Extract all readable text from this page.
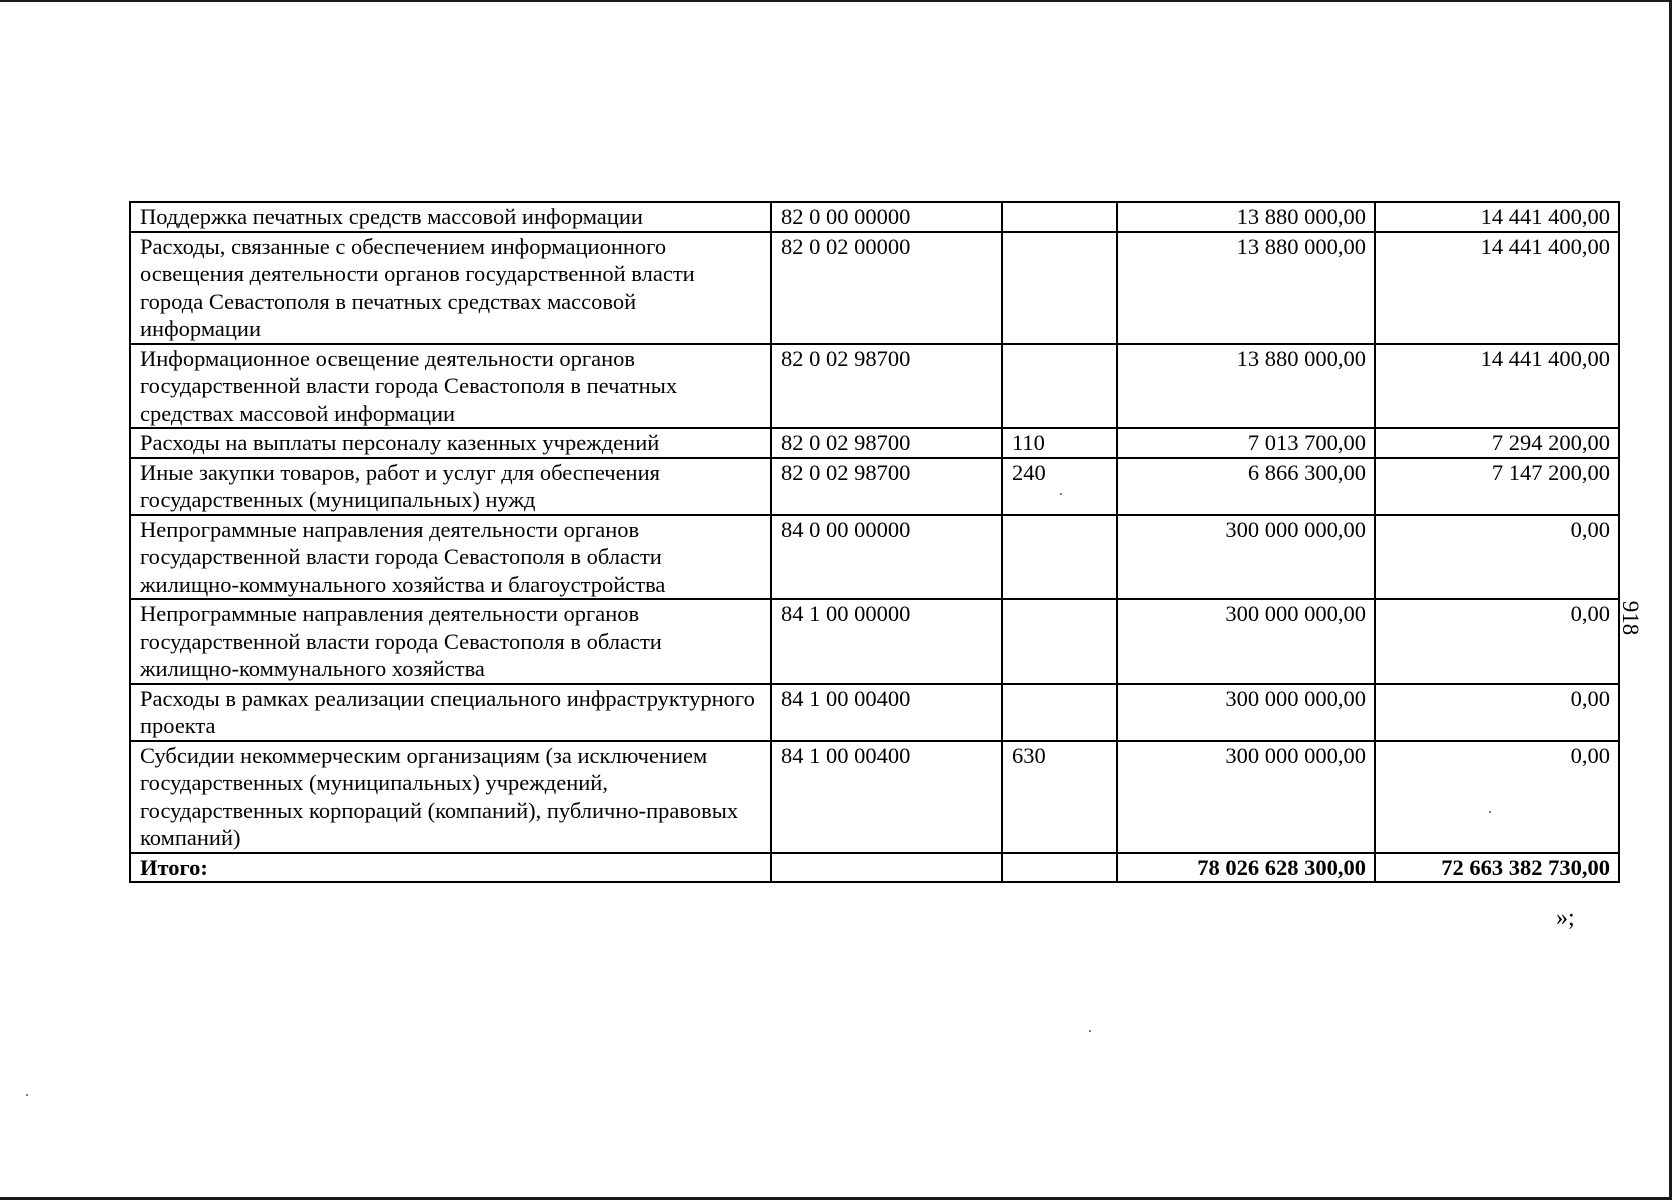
Поддержка печатных средств массовой информации	82 0 00 00000		13 880 000,00	14 441 400,00
Расходы, связанные с обеспечением информационного освещения деятельности органов государственной власти города Севастополя в печатных средствах массовой информации	82 0 02 00000		13 880 000,00	14 441 400,00
Информационное освещение деятельности органов государственной власти города Севастополя в печатных средствах массовой информации	82 0 02 98700		13 880 000,00	14 441 400,00
Расходы на выплаты персоналу казенных учреждений	82 0 02 98700	110	7 013 700,00	7 294 200,00
Иные закупки товаров, работ и услуг для обеспечения государственных (муниципальных) нужд	82 0 02 98700	240	6 866 300,00	7 147 200,00
Непрограммные направления деятельности органов государственной власти города Севастополя в области жилищно-коммунального хозяйства и благоустройства	84 0 00 00000		300 000 000,00	0,00
Непрограммные направления деятельности органов государственной власти города Севастополя в области жилищно-коммунального хозяйства	84 1 00 00000		300 000 000,00	0,00
Расходы в рамках реализации специального инфраструктурного проекта	84 1 00 00400		300 000 000,00	0,00
Субсидии некоммерческим организациям (за исключением государственных (муниципальных) учреждений, государственных корпораций (компаний), публично-правовых компаний)	84 1 00 00400	630	300 000 000,00	0,00
Итого:			78 026 628 300,00	72 663 382 730,00
918
»;
